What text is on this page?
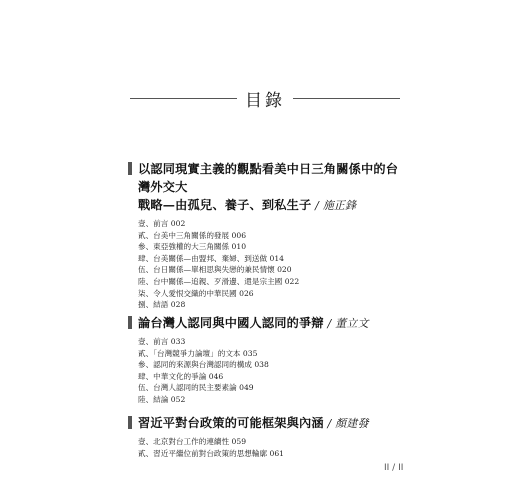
目錄
以認同現實主義的觀點看美中日三角關係中的台灣外交大
戰略—由孤兒、養子、到私生子 / 施正鋒
壹、前言 002
貳、台美中三角關係的發展 006
參、東亞強權的大三角關係 010
肆、台美關係—由盟邦、棄婦、到送做 014
伍、台日關係—單相思與失戀的兼民情懷 020
陸、台中關係—追親、歹滑邊、還是宗主國 022
柒、令人愛恨交織的中華民國 026
捌、結語 028
論台灣人認同與中國人認同的爭辯 / 董立文
壹、前言 033
貳、「台灣競爭力論壇」的文本 035
參、認同的來源與台灣認同的構成 038
肆、中華文化的爭論 046
伍、台灣人認同的民主要素論 049
陸、結論 052
習近平對台政策的可能框架與內涵 / 顏建發
壹、北京對台工作的連續性 059
貳、習近平繼位前對台政策的思想輪廓 061
II / II
